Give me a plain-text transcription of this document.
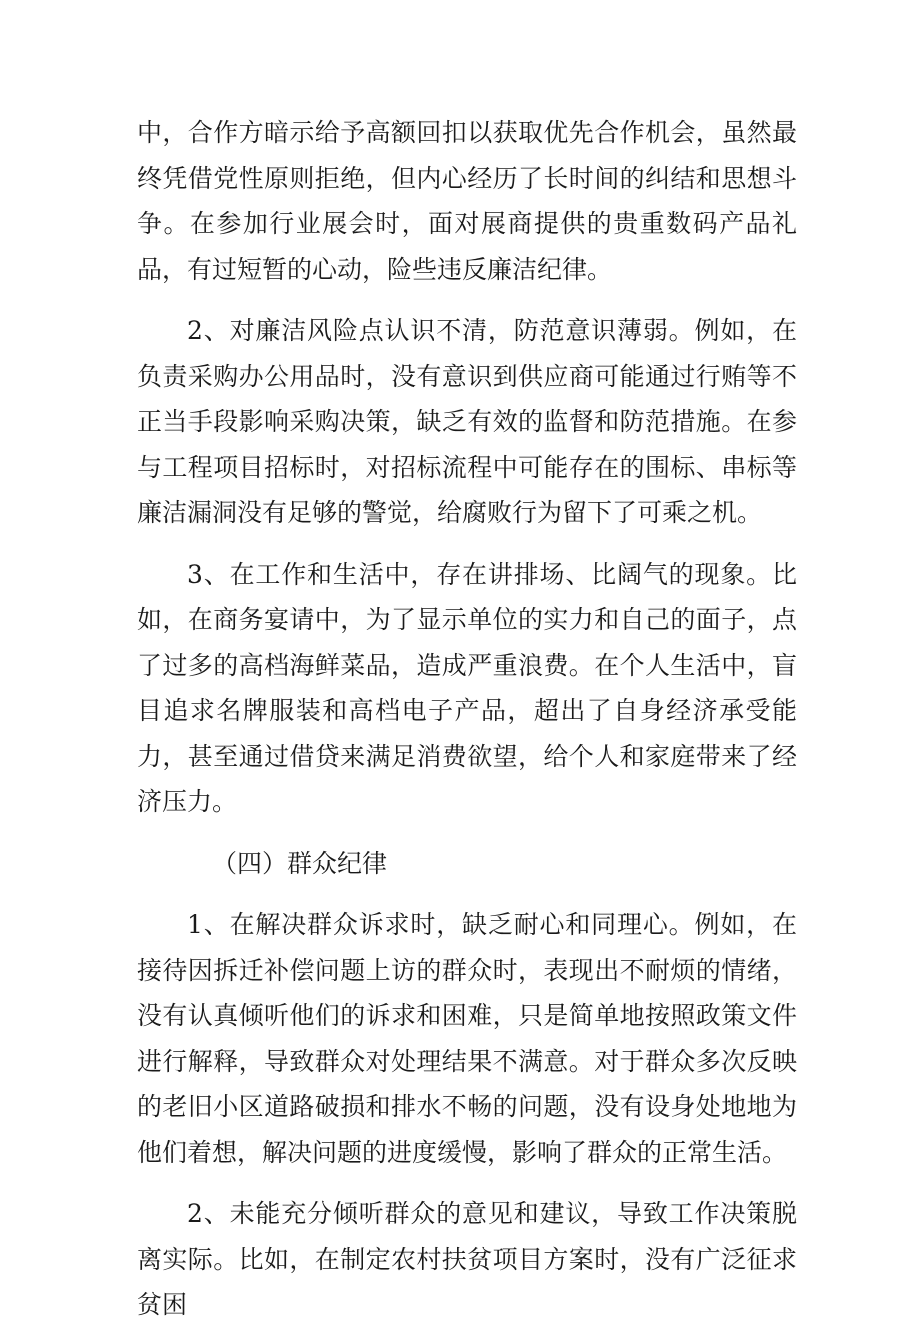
中，合作方暗示给予高额回扣以获取优先合作机会，虽然最终凭借党性原则拒绝，但内心经历了长时间的纠结和思想斗争。在参加行业展会时，面对展商提供的贵重数码产品礼品，有过短暂的心动，险些违反廉洁纪律。

2、对廉洁风险点认识不清，防范意识薄弱。例如，在负责采购办公用品时，没有意识到供应商可能通过行贿等不正当手段影响采购决策，缺乏有效的监督和防范措施。在参与工程项目招标时，对招标流程中可能存在的围标、串标等廉洁漏洞没有足够的警觉，给腐败行为留下了可乘之机。

3、在工作和生活中，存在讲排场、比阔气的现象。比如，在商务宴请中，为了显示单位的实力和自己的面子，点了过多的高档海鲜菜品，造成严重浪费。在个人生活中，盲目追求名牌服装和高档电子产品，超出了自身经济承受能力，甚至通过借贷来满足消费欲望，给个人和家庭带来了经济压力。

（四）群众纪律

1、在解决群众诉求时，缺乏耐心和同理心。例如，在接待因拆迁补偿问题上访的群众时，表现出不耐烦的情绪，没有认真倾听他们的诉求和困难，只是简单地按照政策文件进行解释，导致群众对处理结果不满意。对于群众多次反映的老旧小区道路破损和排水不畅的问题，没有设身处地地为他们着想，解决问题的进度缓慢，影响了群众的正常生活。

2、未能充分倾听群众的意见和建议，导致工作决策脱离实际。比如，在制定农村扶贫项目方案时，没有广泛征求贫困
